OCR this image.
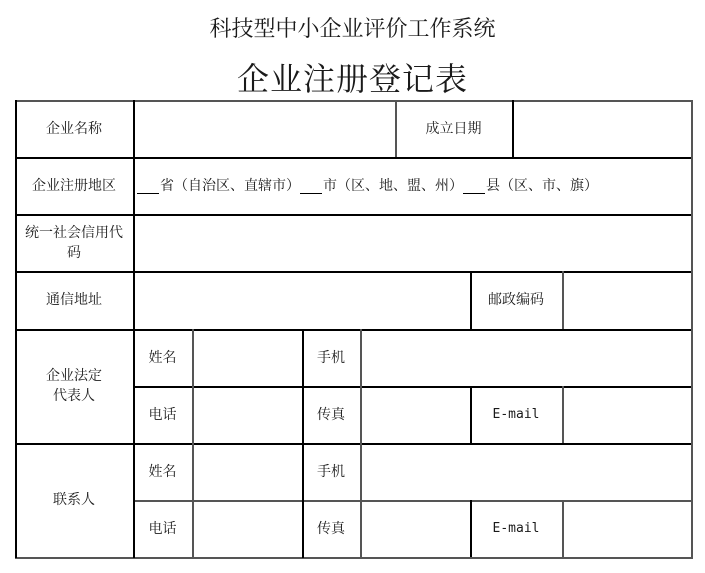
科技型中小企业评价工作系统
企业注册登记表
企业名称	成立日期
企业注册地区	省（自治区、直辖市） 市（区、地、盟、州） 县（区、市、旗）
统一社会信用代
码
通信地址	邮政编码
企业法定
代表人
姓名	手机
电话	传真	E-mail
联系人
姓名	手机
电话	传真	E-mail
